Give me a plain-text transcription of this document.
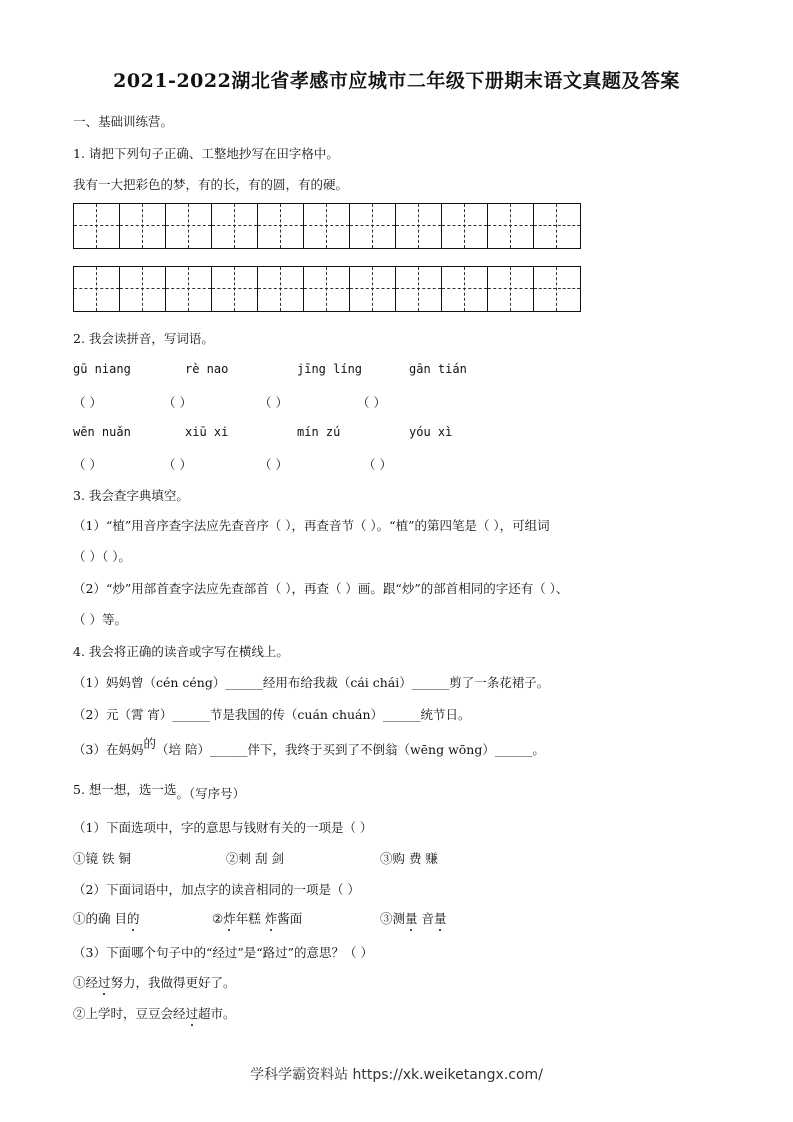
2021-2022湖北省孝感市应城市二年级下册期末语文真题及答案
一、基础训练营。
1. 请把下列句子正确、工整地抄写在田字格中。
我有一大把彩色的梦，有的长，有的圆，有的硬。
2. 我会读拼音，写词语。
gū niang	rè nao	jīng líng	gān tián
（ ）	（ ）	（ ）	（ ）
wēn nuǎn	xiū xi	mín zú	yóu xì
（ ）	（ ）	（ ）	（ ）
3. 我会查字典填空。
（1）“植”用音序查字法应先查音序（ ），再查音节（ ）。“植”的第四笔是（ ），可组词
（ ）（ ）。
（2）“炒”用部首查字法应先查部首（ ），再查（ ）画。跟“炒”的部首相同的字还有（ ）、
（ ）等。
4. 我会将正确的读音或字写在横线上。
（1）妈妈曾（cén céng）______经用布给我裁（cái chái）______剪了一条花裙子。
（2）元（霄 宵）______节是我国的传（cuán chuán）______统节日。
（3）在妈妈的（培 陪）______伴下，我终于买到了不倒翁（wēng wōng）______。
5. 想一想，选一选。（写序号）
（1）下面选项中，字的意思与钱财有关的一项是（ ）
①镜 铁 铜	②刺 刮 剑	③购 费 赚
（2）下面词语中，加点字的读音相同的一项是（ ）
①的确 目的	②炸年糕 炸酱面	③测量 音量
（3）下面哪个句子中的“经过”是“路过”的意思？（ ）
①经过努力，我做得更好了。
②上学时，豆豆会经过超市。
学科学霸资料站 https://xk.weiketangx.com/
